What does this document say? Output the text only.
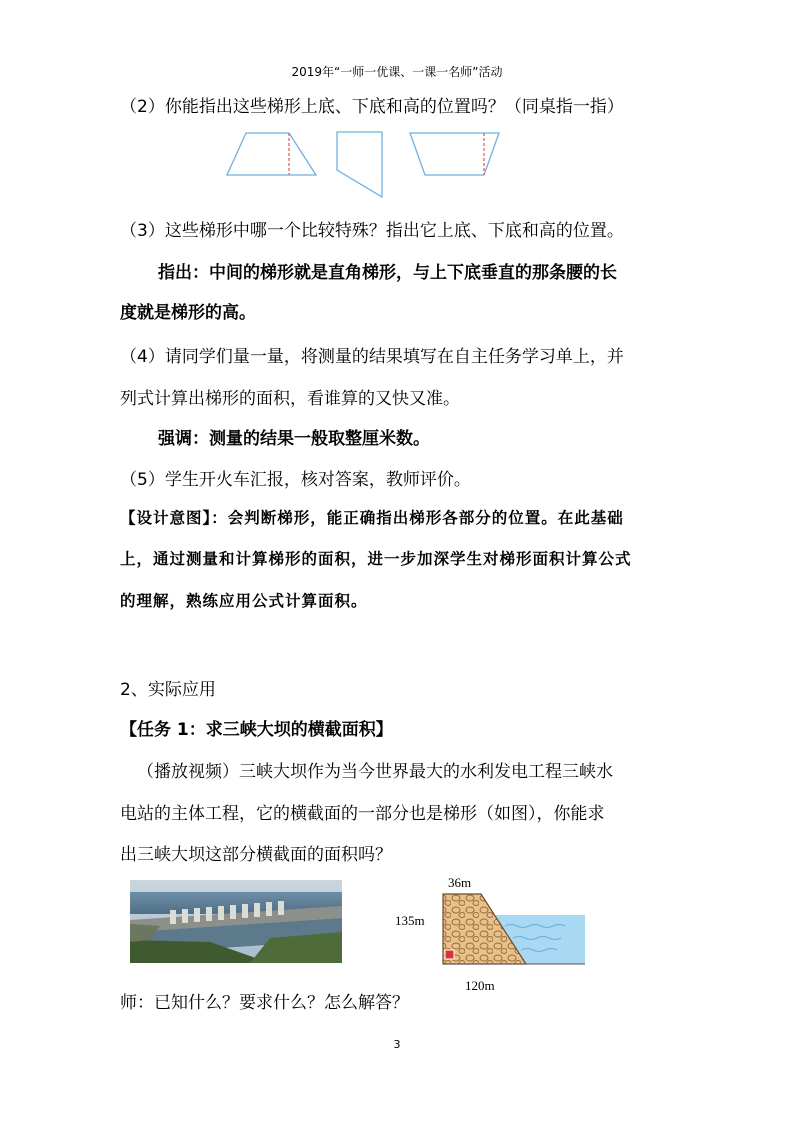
2019年“一师一优课、一课一名师”活动
（2）你能指出这些梯形上底、下底和高的位置吗？（同桌指一指）
（3）这些梯形中哪一个比较特殊？指出它上底、下底和高的位置。
指出：中间的梯形就是直角梯形，与上下底垂直的那条腰的长
度就是梯形的高。
（4）请同学们量一量，将测量的结果填写在自主任务学习单上，并
列式计算出梯形的面积，看谁算的又快又准。
强调：测量的结果一般取整厘米数。
（5）学生开火车汇报，核对答案，教师评价。
【设计意图】：会判断梯形，能正确指出梯形各部分的位置。在此基础
上，通过测量和计算梯形的面积，进一步加深学生对梯形面积计算公式
的理解，熟练应用公式计算面积。
2、实际应用
【任务 1：求三峡大坝的横截面积】
（播放视频）三峡大坝作为当今世界最大的水利发电工程三峡水
电站的主体工程，它的横截面的一部分也是梯形（如图），你能求
出三峡大坝这部分横截面的面积吗？
36m
135m
120m
师：已知什么？要求什么？怎么解答？
3
